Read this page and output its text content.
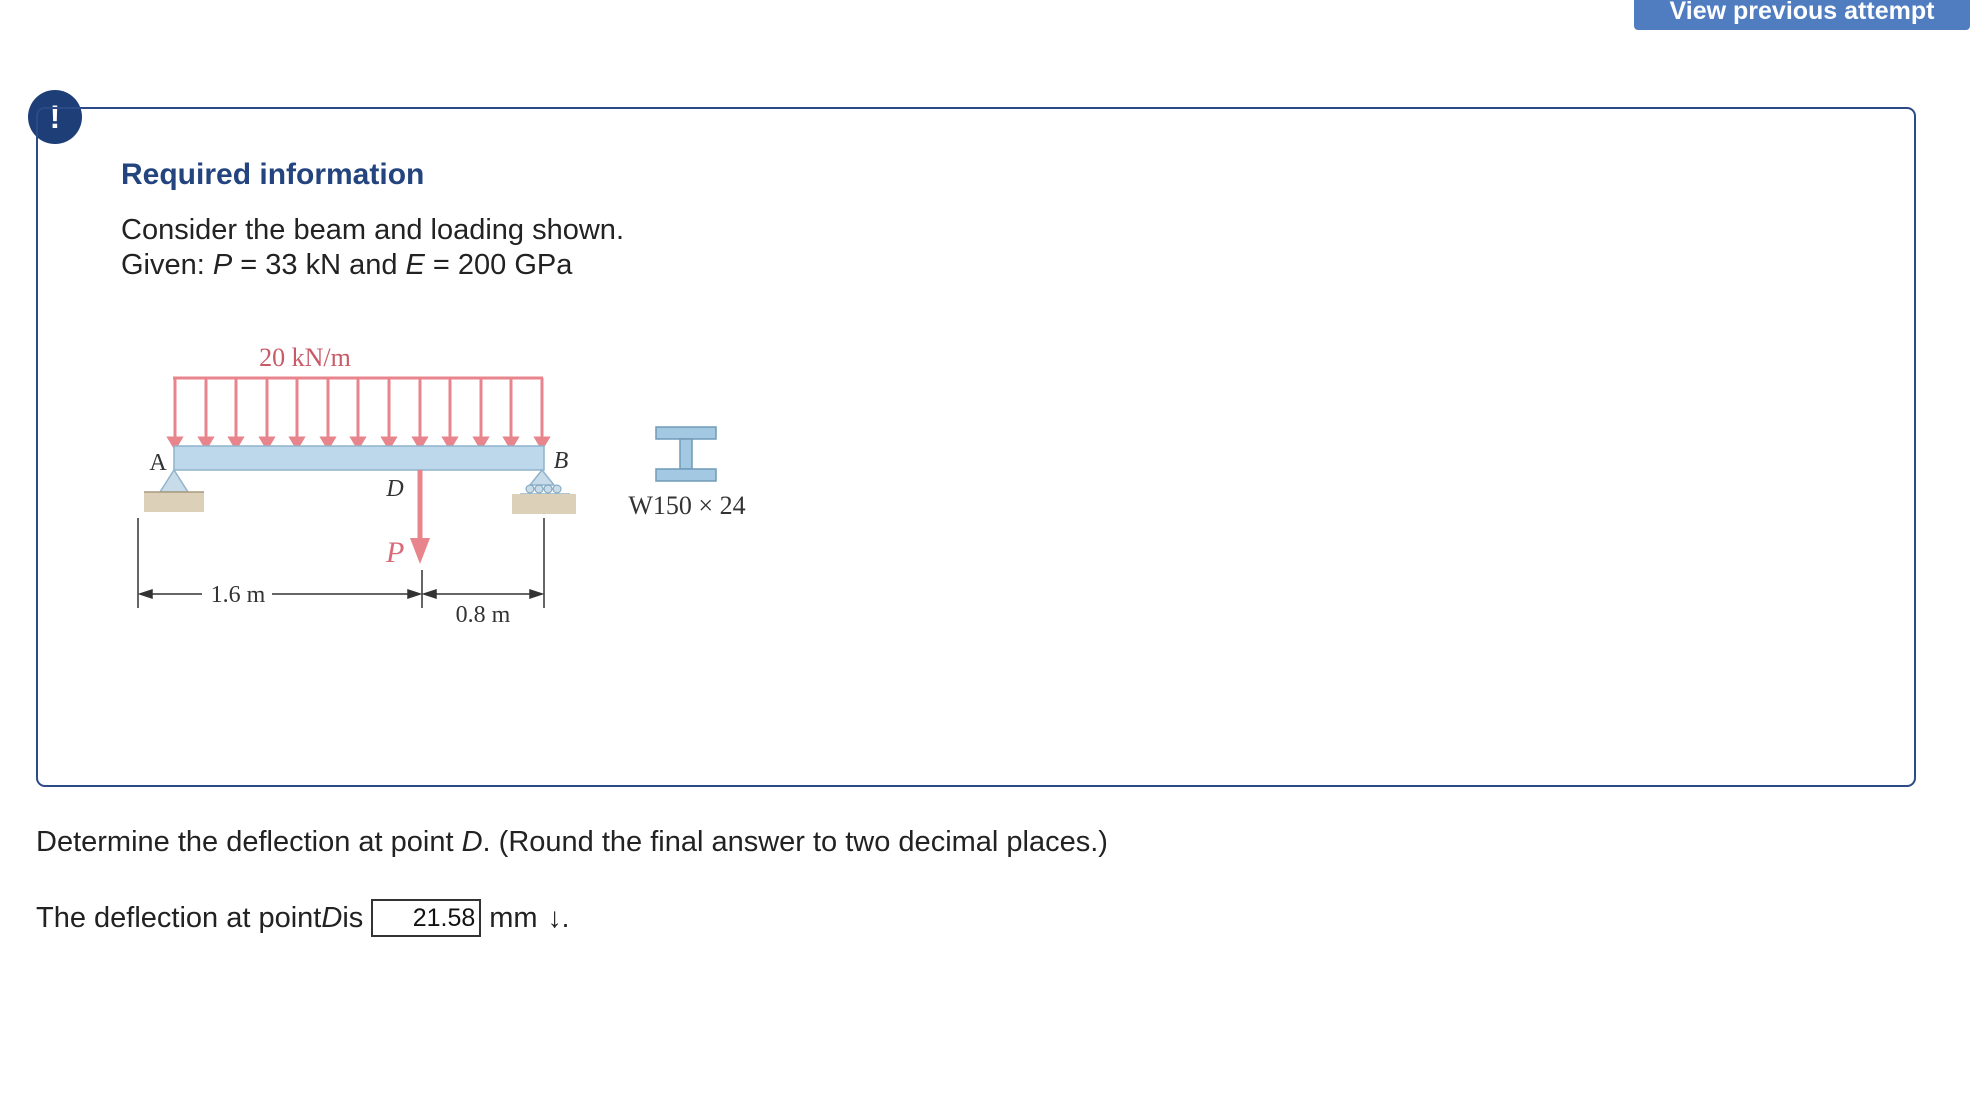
View previous attempt
!
Required information
Consider the beam and loading shown.
Given: P = 33 kN and E = 200 GPa
20 kN/m
A	B
D
P
1.6 m
0.8 m
W150 × 24
Determine the deflection at point D. (Round the final answer to two decimal places.)
The deflection at point D is
21.58	mm ↓.
